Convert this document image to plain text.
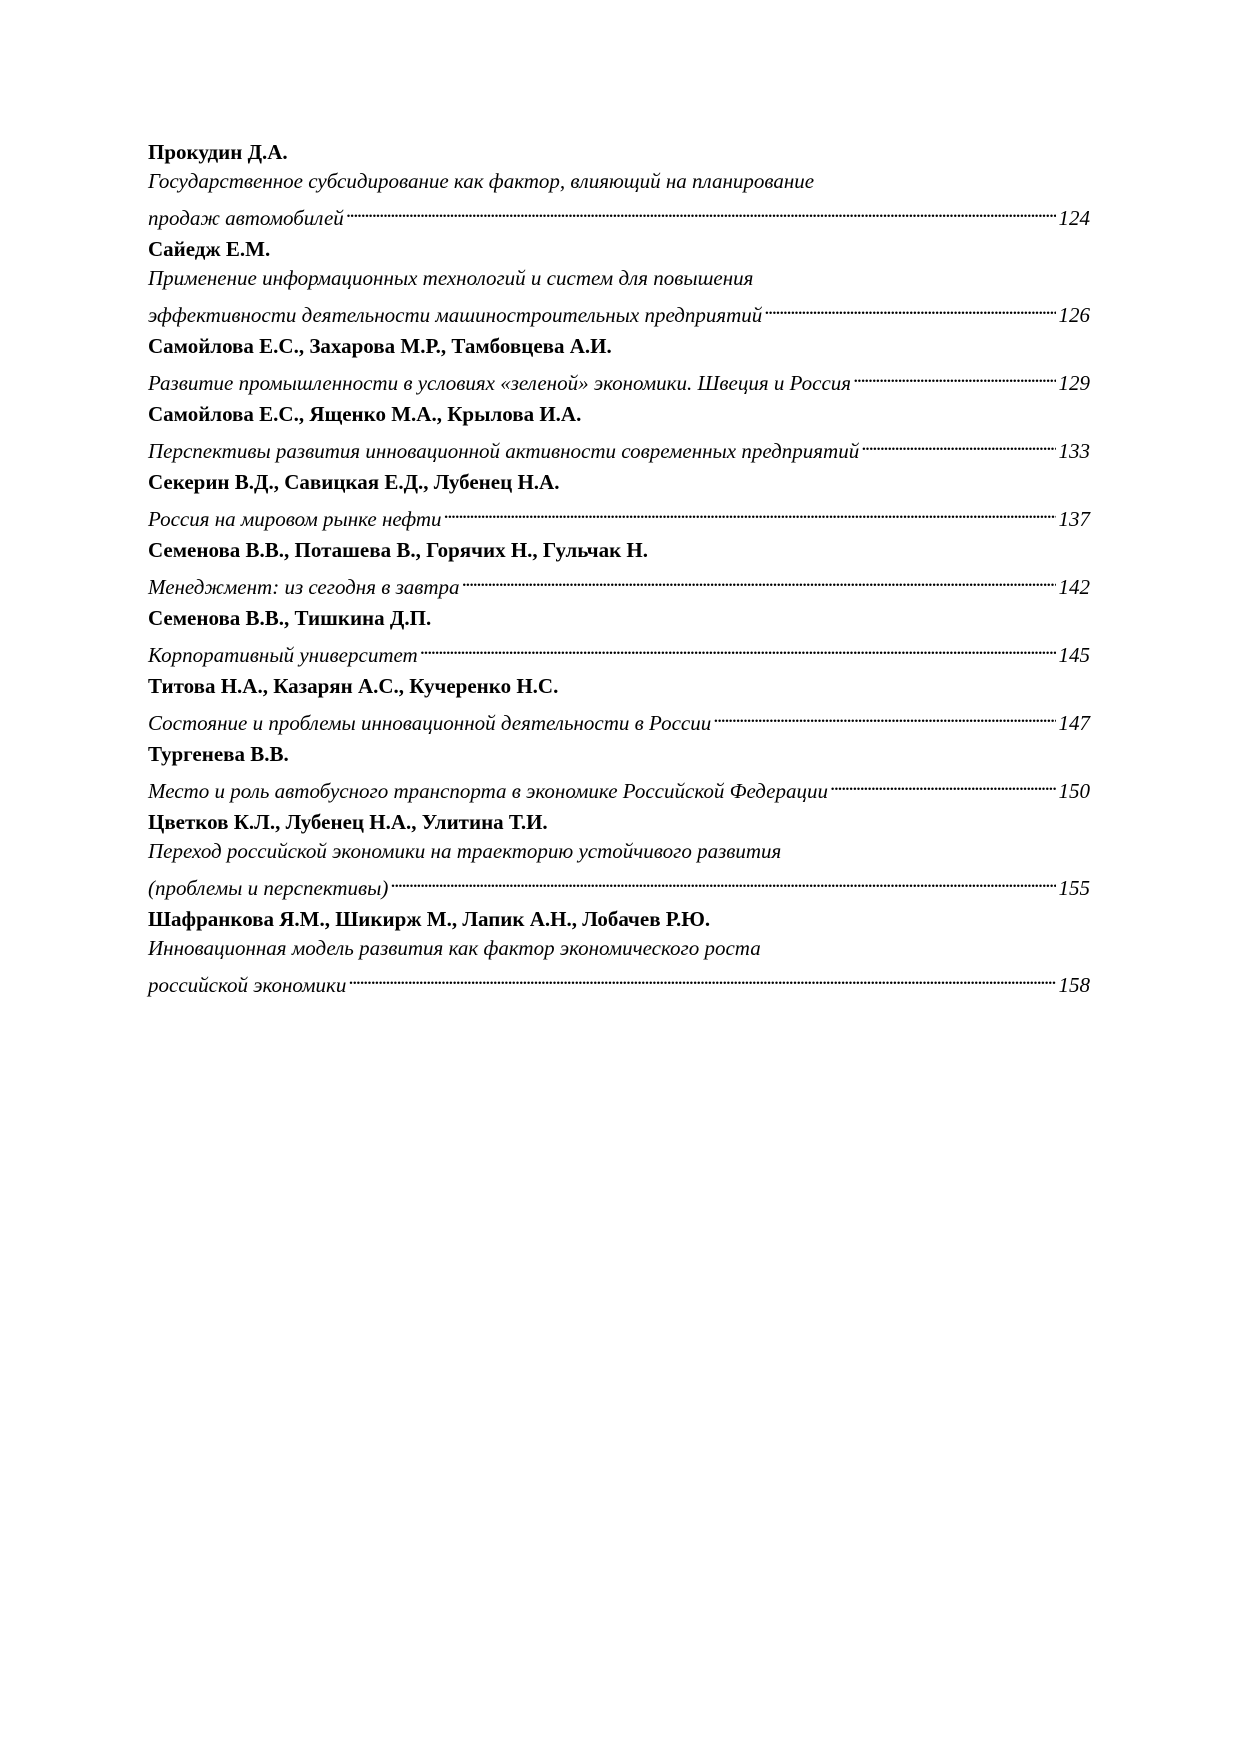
Прокудин Д.А.
Государственное субсидирование как фактор, влияющий на планирование
продаж автомобилей . . .	124
Сайедж Е.М.
Применение информационных технологий и систем для повышения
эффективности деятельности машиностроительных предприятий . . .	126
Самойлова Е.С., Захарова М.Р., Тамбовцева А.И.
Развитие промышленности в условиях «зеленой» экономики. Швеция и Россия . . .	129
Самойлова Е.С., Ященко М.А., Крылова И.А.
Перспективы развития инновационной активности современных предприятий . . .	133
Секерин В.Д., Савицкая Е.Д., Лубенец Н.А.
Россия на мировом рынке нефти . . .	137
Семенова В.В., Поташева В., Горячих Н., Гульчак Н.
Менеджмент: из сегодня в завтра . . .	142
Семенова В.В., Тишкина Д.П.
Корпоративный университет . . .	145
Титова Н.А., Казарян А.С., Кучеренко Н.С.
Состояние и проблемы инновационной деятельности в России . . .	147
Тургенева В.В.
Место и роль автобусного транспорта в экономике Российской Федерации . . .	150
Цветков К.Л., Лубенец Н.А., Улитина Т.И.
Переход российской экономики на траекторию устойчивого развития
(проблемы и перспективы) . . .	155
Шафранкова Я.М., Шикирж М., Лапик А.Н., Лобачев Р.Ю.
Инновационная модель развития как фактор экономического роста
российской экономики . . .	158
